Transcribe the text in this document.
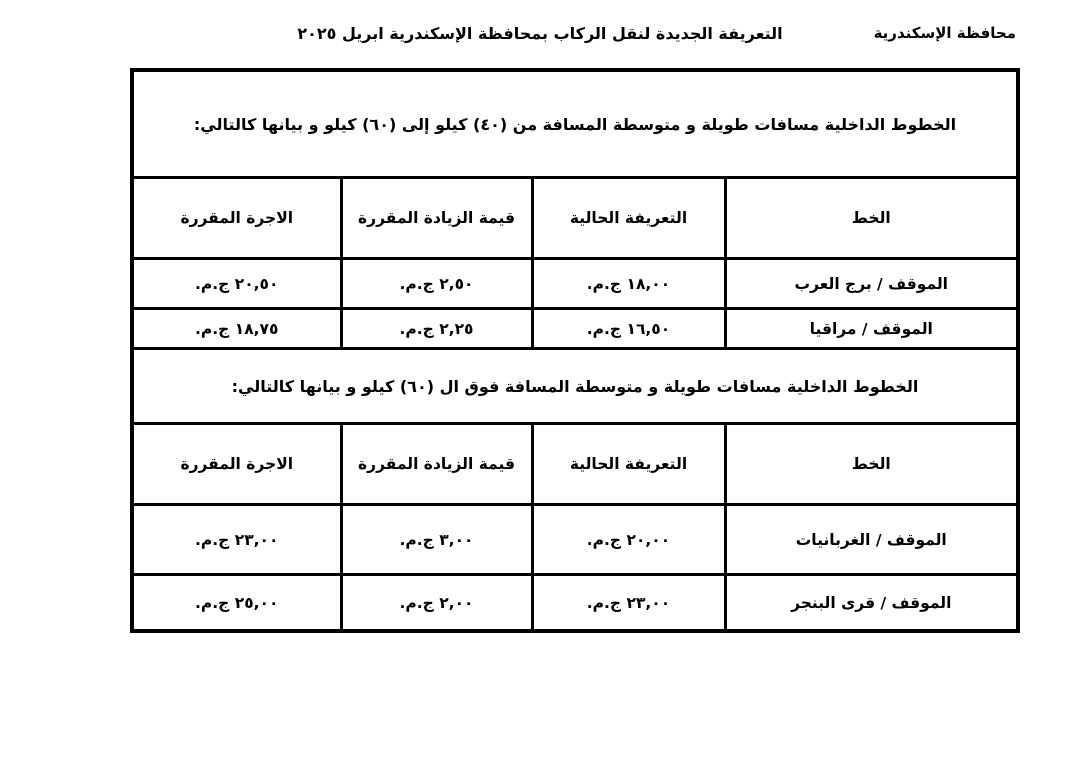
التعريفة الجديدة لنقل الركاب بمحافظة الإسكندرية ابريل ٢٠٢٥	محافظة الإسكندرية
الخطوط الداخلية مسافات طويلة و متوسطة المسافة من (٤٠) كيلو إلى (٦٠) كيلو و بيانها كالتالي:			
الخط	التعريفة الحالية	قيمة الزيادة المقررة	الاجرة المقررة
الموقف / برج العرب	١٨,٠٠ ج.م.	٢,٥٠ ج.م.	٢٠,٥٠ ج.م.
الموقف / مراقيا	١٦,٥٠ ج.م.	٢,٢٥ ج.م.	١٨,٧٥ ج.م.
الخطوط الداخلية مسافات طويلة و متوسطة المسافة فوق ال (٦٠) كيلو و بيانها كالتالي:			
الخط	التعريفة الحالية	قيمة الزيادة المقررة	الاجرة المقررة
الموقف / الغربانيات	٢٠,٠٠ ج.م.	٣,٠٠ ج.م.	٢٣,٠٠ ج.م.
الموقف / قرى البنجر	٢٣,٠٠ ج.م.	٢,٠٠ ج.م.	٢٥,٠٠ ج.م.
